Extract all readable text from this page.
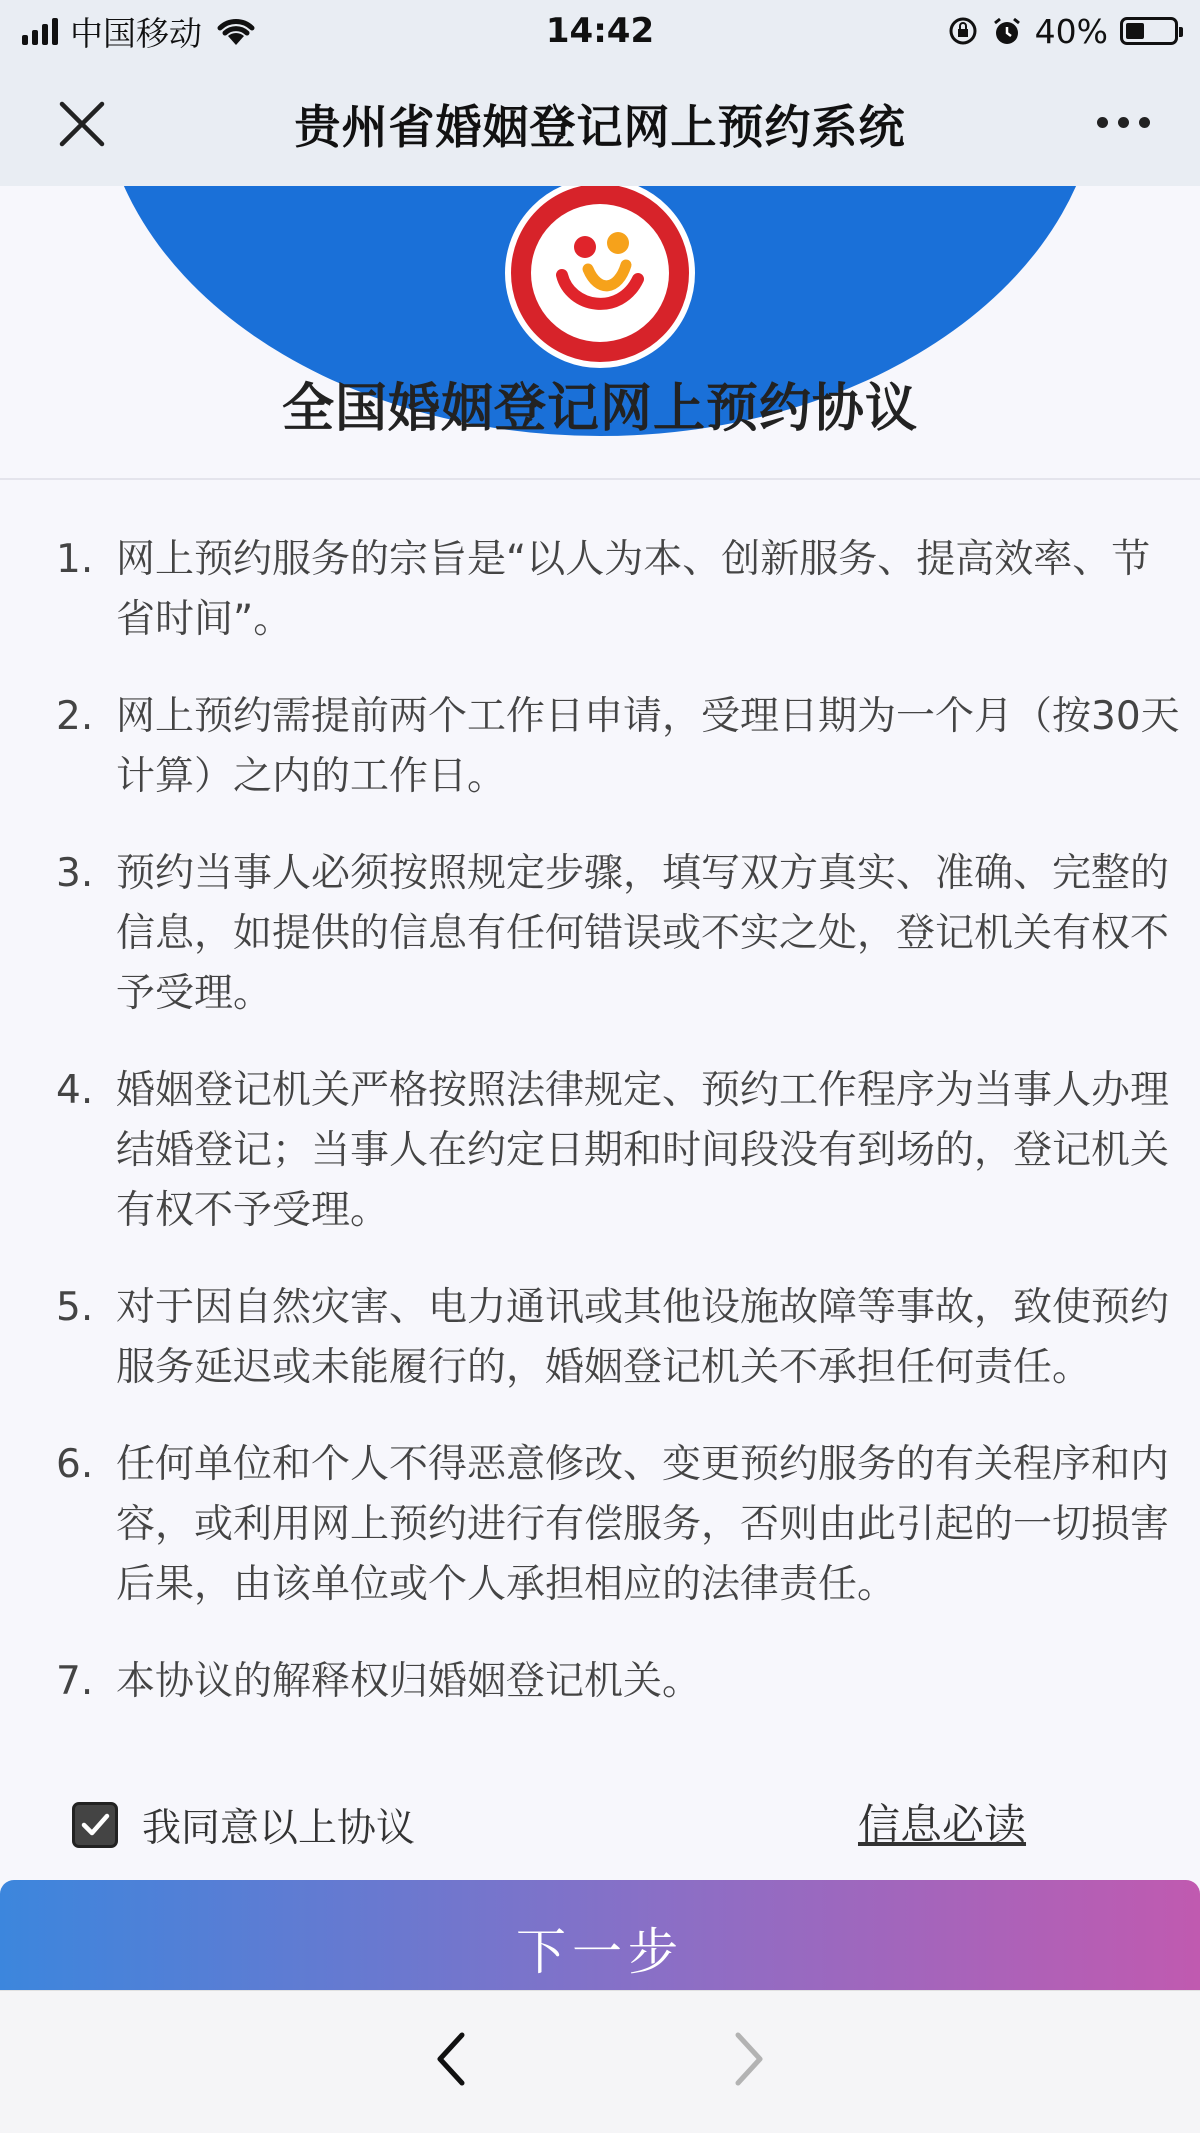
中国移动	14:42	40%
贵州省婚姻登记网上预约系统
全国婚姻登记网上预约协议
1. 网上预约服务的宗旨是“以人为本、创新服务、提高效率、节省时间”。
2. 网上预约需提前两个工作日申请，受理日期为一个月（按30天计算）之内的工作日。
3. 预约当事人必须按照规定步骤，填写双方真实、准确、完整的信息，如提供的信息有任何错误或不实之处，登记机关有权不予受理。
4. 婚姻登记机关严格按照法律规定、预约工作程序为当事人办理结婚登记；当事人在约定日期和时间段没有到场的，登记机关有权不予受理。
5. 对于因自然灾害、电力通讯或其他设施故障等事故，致使预约服务延迟或未能履行的，婚姻登记机关不承担任何责任。
6. 任何单位和个人不得恶意修改、变更预约服务的有关程序和内容，或利用网上预约进行有偿服务，否则由此引起的一切损害后果，由该单位或个人承担相应的法律责任。
7. 本协议的解释权归婚姻登记机关。
我同意以上协议	信息必读
下一步
